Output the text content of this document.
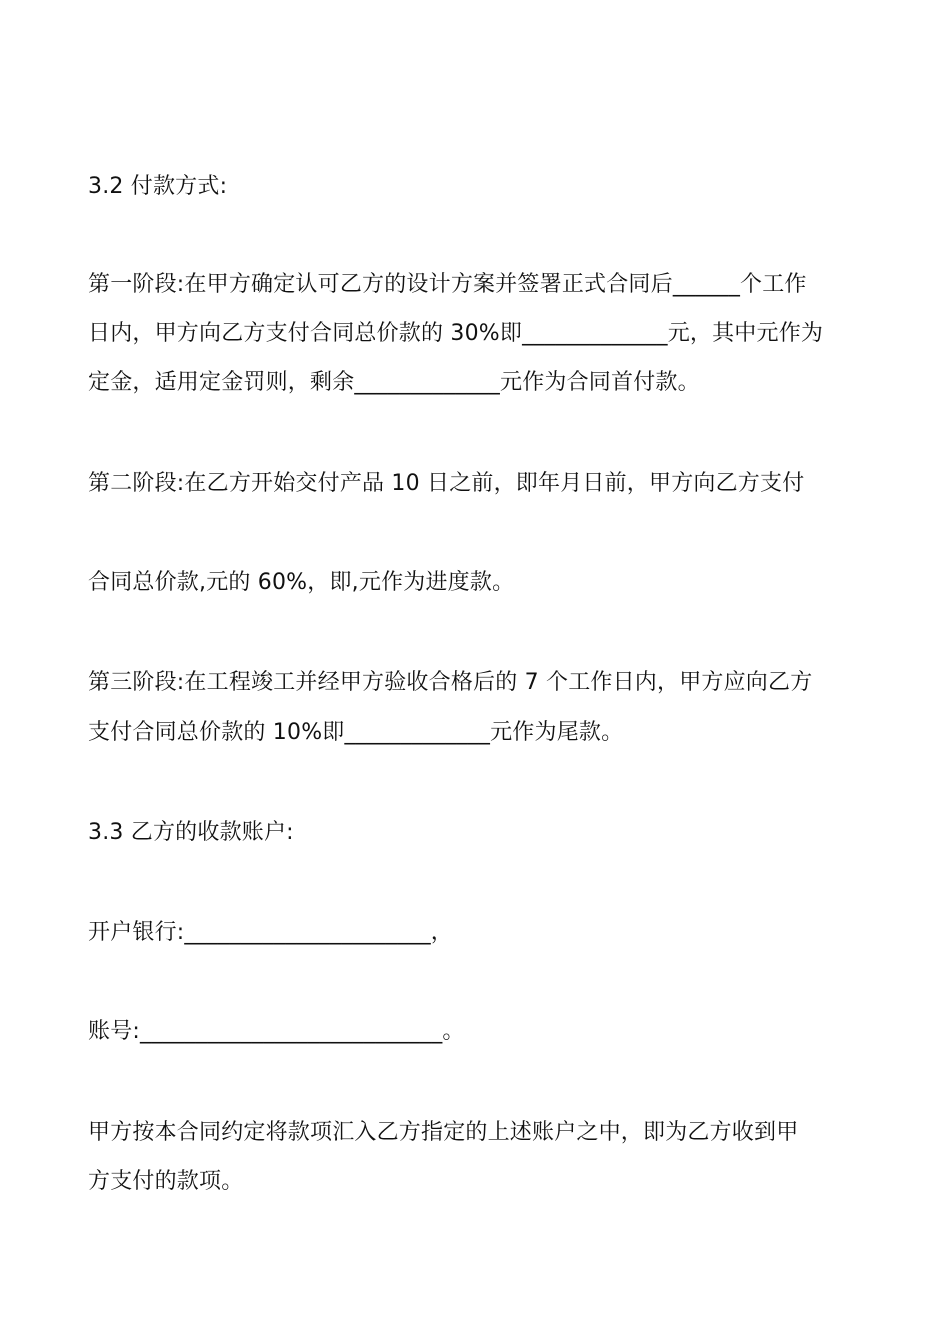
3.2 付款方式:
第一阶段:在甲方确定认可乙方的设计方案并签署正式合同后______个工作
日内，甲方向乙方支付合同总价款的 30%即_____________元，其中元作为
定金，适用定金罚则，剩余_____________元作为合同首付款。
第二阶段:在乙方开始交付产品 10 日之前，即年月日前，甲方向乙方支付
合同总价款,元的 60%，即,元作为进度款。
第三阶段:在工程竣工并经甲方验收合格后的 7 个工作日内，甲方应向乙方
支付合同总价款的 10%即_____________元作为尾款。
3.3 乙方的收款账户:
开户银行:______________________，
账号:___________________________。
甲方按本合同约定将款项汇入乙方指定的上述账户之中，即为乙方收到甲
方支付的款项。
